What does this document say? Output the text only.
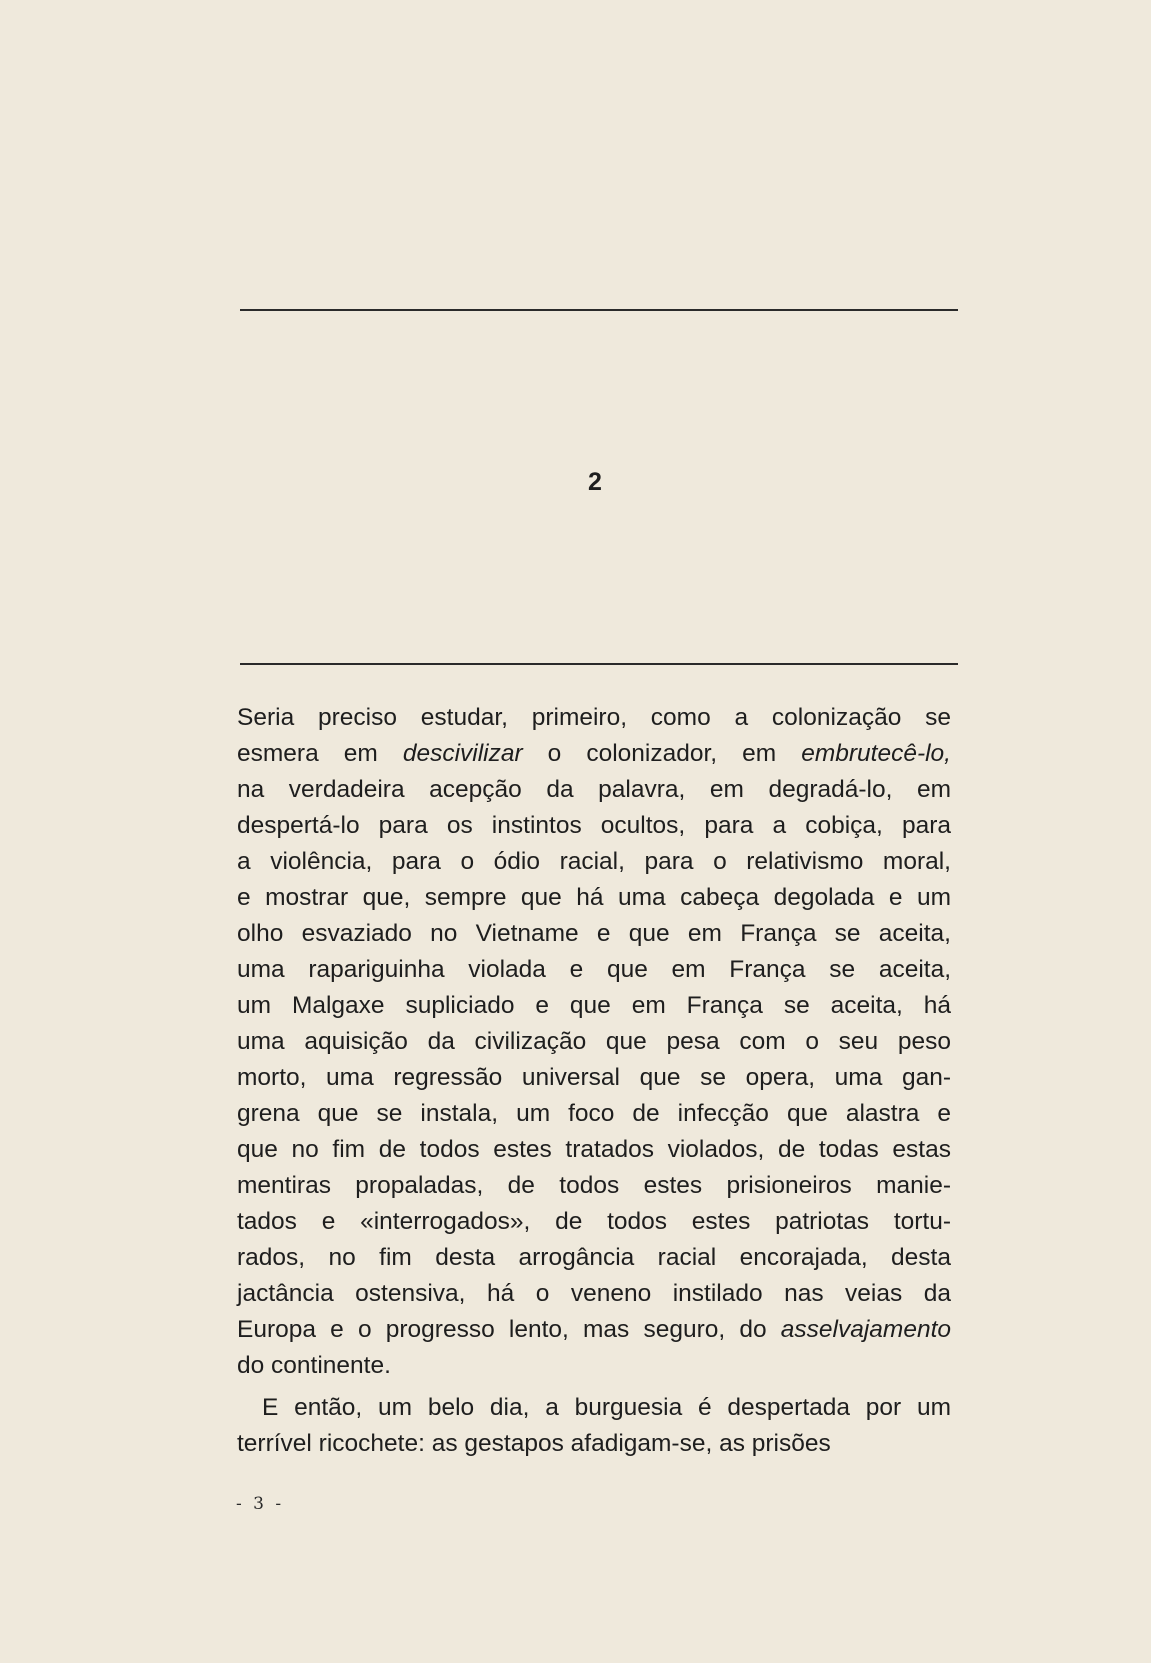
2
Seria preciso estudar, primeiro, como a colonização se
esmera em descivilizar o colonizador, em embrutecê-lo,
na verdadeira acepção da palavra, em degradá-lo, em
despertá-lo para os instintos ocultos, para a cobiça, para
a violência, para o ódio racial, para o relativismo moral,
e mostrar que, sempre que há uma cabeça degolada e um
olho esvaziado no Vietname e que em França se aceita,
uma rapariguinha violada e que em França se aceita,
um Malgaxe supliciado e que em França se aceita, há
uma aquisição da civilização que pesa com o seu peso
morto, uma regressão universal que se opera, uma gan-
grena que se instala, um foco de infecção que alastra e
que no fim de todos estes tratados violados, de todas estas
mentiras propaladas, de todos estes prisioneiros manie-
tados e «interrogados», de todos estes patriotas tortu-
rados, no fim desta arrogância racial encorajada, desta
jactância ostensiva, há o veneno instilado nas veias da
Europa e o progresso lento, mas seguro, do asselvajamento
do continente.
E então, um belo dia, a burguesia é despertada por um
terrível ricochete: as gestapos afadigam-se, as prisões
- 3 -
